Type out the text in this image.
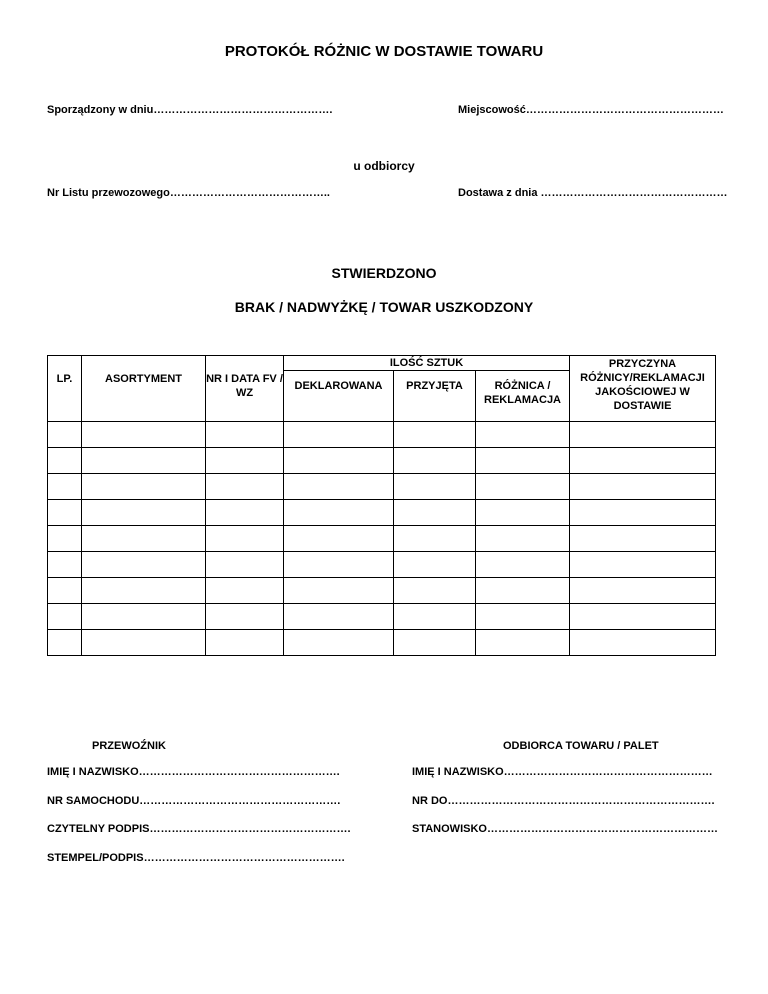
PROTOKÓŁ RÓŻNIC W DOSTAWIE TOWARU
Sporządzony w dniu………………………………………….	Miejscowość………………………………………………
u odbiorcy
Nr Listu przewozowego……………………………………..	Dostawa z dnia ……………………………………………
STWIERDZONO
BRAK / NADWYŻKĘ / TOWAR USZKODZONY
LP.	ASORTYMENT	NR I DATA FV / WZ	ILOŚĆ SZTUK			PRZYCZYNA RÓŻNICY/REKLAMACJI JAKOŚCIOWEJ W DOSTAWIE
			DEKLAROWANA	PRZYJĘTA	RÓŻNICA / REKLAMACJA	

PRZEWOŹNIK	ODBIORCA TOWARU / PALET
IMIĘ I NAZWISKO……………………………………………….	IMIĘ I NAZWISKO…………………………………………………
NR SAMOCHODU……………………………………………….	NR DO……………………………………………………………….
CZYTELNY PODPIS……………………………………………….	STANOWISKO………………………………………………………
STEMPEL/PODPIS……………………………………………….
